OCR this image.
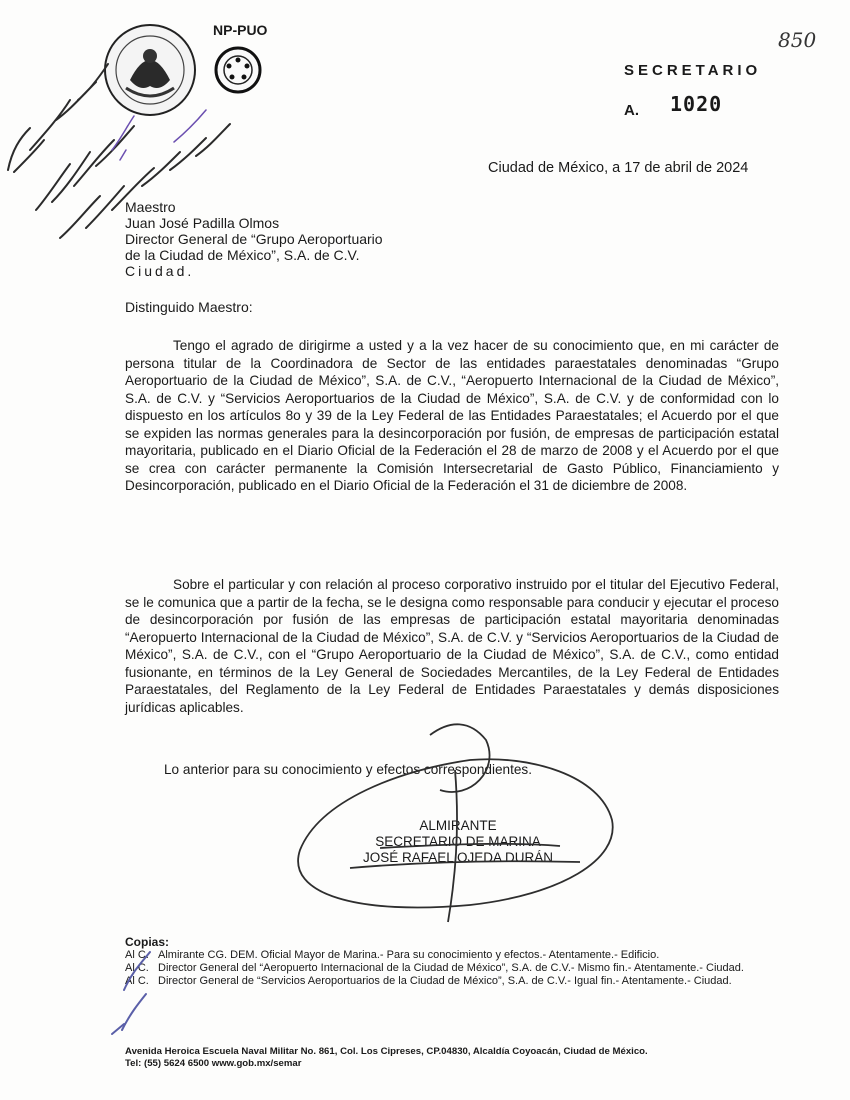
NP-PUO	850
SECRETARIO
A. 1020
Ciudad de México, a 17 de abril de 2024
Maestro
Juan José Padilla Olmos
Director General de “Grupo Aeroportuario
de la Ciudad de México”, S.A. de C.V.
Ciudad.
Distinguido Maestro:
Tengo el agrado de dirigirme a usted y a la vez hacer de su conocimiento que, en mi carácter de persona titular de la Coordinadora de Sector de las entidades paraestatales denominadas “Grupo Aeroportuario de la Ciudad de México”, S.A. de C.V., “Aeropuerto Internacional de la Ciudad de México”, S.A. de C.V. y “Servicios Aeroportuarios de la Ciudad de México”, S.A. de C.V. y de conformidad con lo dispuesto en los artículos 8o y 39 de la Ley Federal de las Entidades Paraestatales; el Acuerdo por el que se expiden las normas generales para la desincorporación por fusión, de empresas de participación estatal mayoritaria, publicado en el Diario Oficial de la Federación el 28 de marzo de 2008 y el Acuerdo por el que se crea con carácter permanente la Comisión Intersecretarial de Gasto Público, Financiamiento y Desincorporación, publicado en el Diario Oficial de la Federación el 31 de diciembre de 2008.
Sobre el particular y con relación al proceso corporativo instruido por el titular del Ejecutivo Federal, se le comunica que a partir de la fecha, se le designa como responsable para conducir y ejecutar el proceso de desincorporación por fusión de las empresas de participación estatal mayoritaria denominadas “Aeropuerto Internacional de la Ciudad de México”, S.A. de C.V. y “Servicios Aeroportuarios de la Ciudad de México”, S.A. de C.V., con el “Grupo Aeroportuario de la Ciudad de México”, S.A. de C.V., como entidad fusionante, en términos de la Ley General de Sociedades Mercantiles, de la Ley Federal de Entidades Paraestatales, del Reglamento de la Ley Federal de Entidades Paraestatales y demás disposiciones jurídicas aplicables.
Lo anterior para su conocimiento y efectos correspondientes.
ALMIRANTE
SECRETARIO DE MARINA
JOSÉ RAFAEL OJEDA DURÁN
Copias:
Al C. Almirante CG. DEM. Oficial Mayor de Marina.- Para su conocimiento y efectos.- Atentamente.- Edificio.
Al C. Director General del “Aeropuerto Internacional de la Ciudad de México”, S.A. de C.V.- Mismo fin.- Atentamente.- Ciudad.
Al C. Director General de “Servicios Aeroportuarios de la Ciudad de México”, S.A. de C.V.- Igual fin.- Atentamente.- Ciudad.
Avenida Heroica Escuela Naval Militar No. 861, Col. Los Cipreses, CP.04830, Alcaldía Coyoacán, Ciudad de México.
Tel: (55) 5624 6500 www.gob.mx/semar
